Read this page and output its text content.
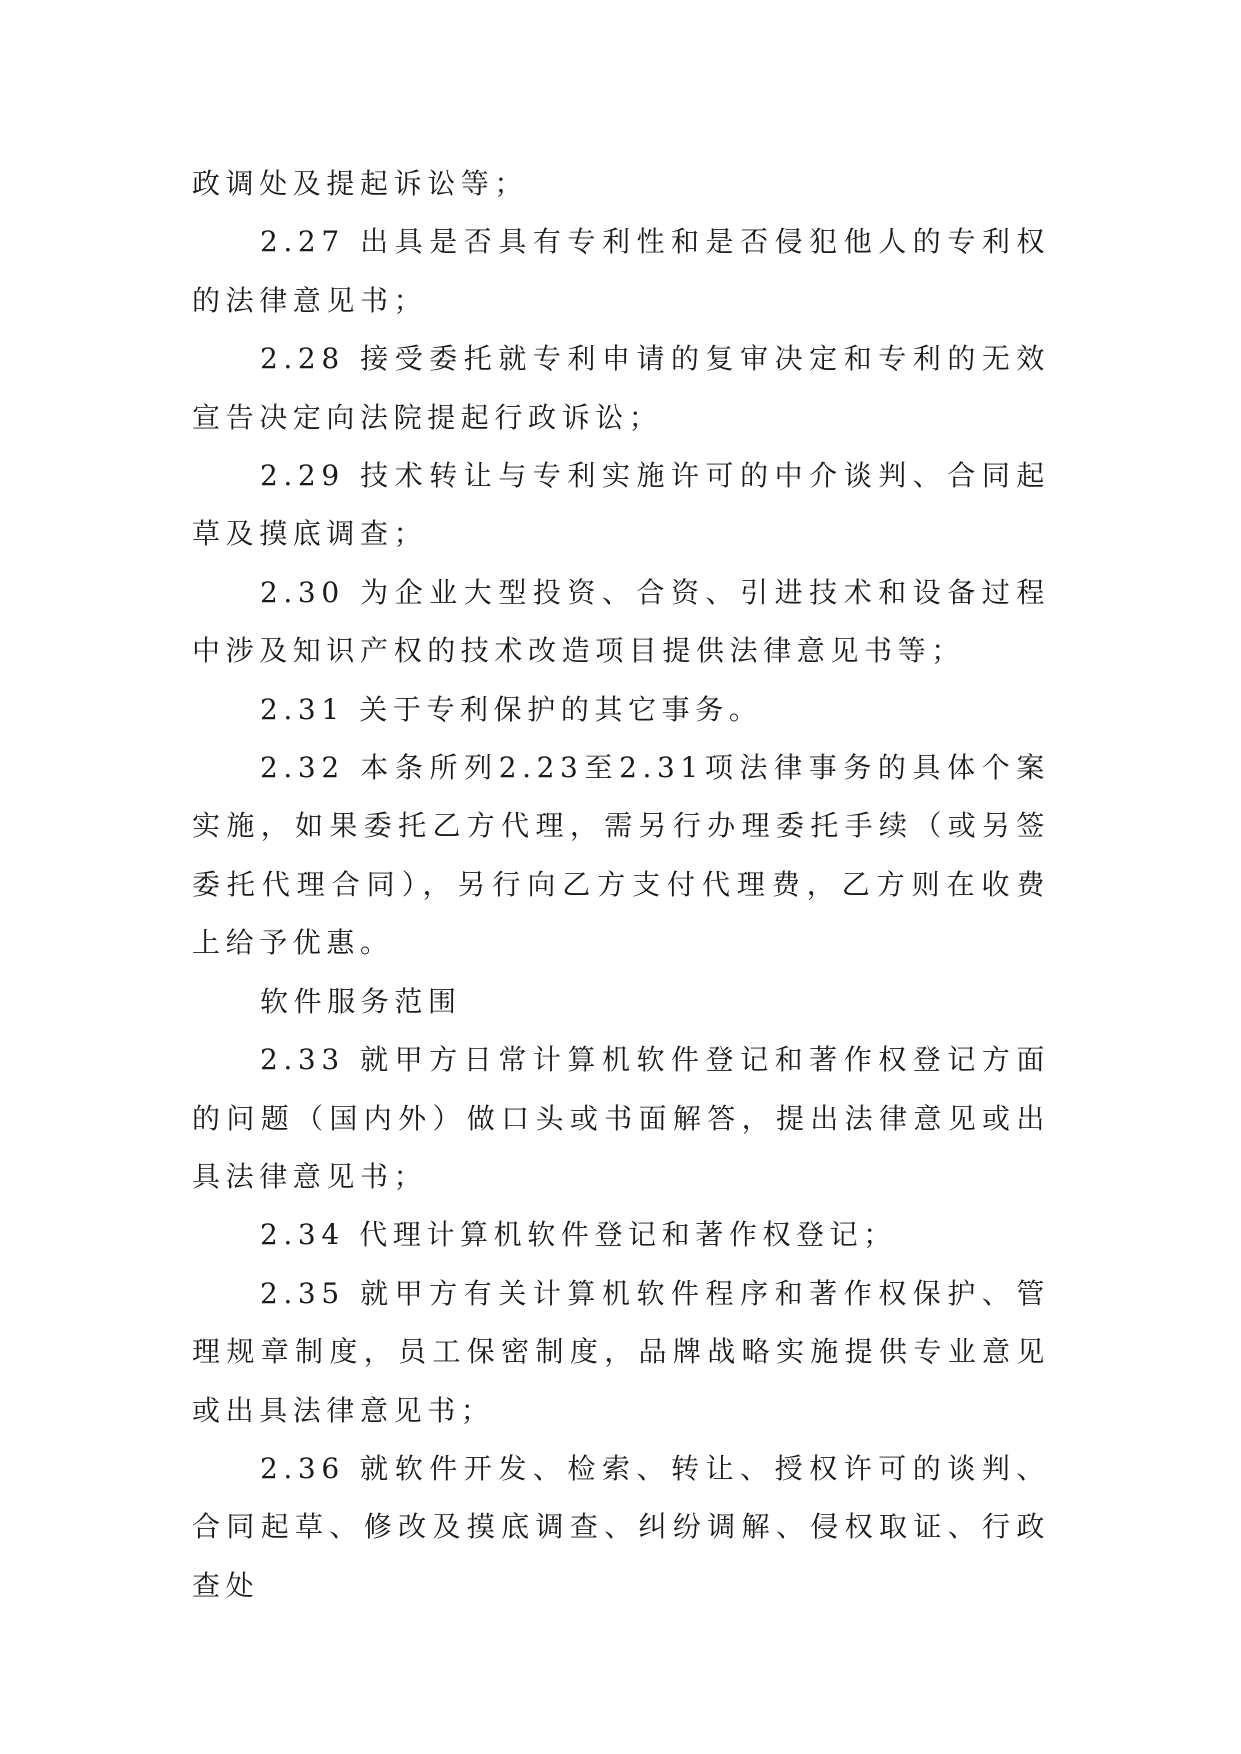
政调处及提起诉讼等；

2.27 出具是否具有专利性和是否侵犯他人的专利权的法律意见书；

2.28 接受委托就专利申请的复审决定和专利的无效宣告决定向法院提起行政诉讼；

2.29 技术转让与专利实施许可的中介谈判、合同起草及摸底调查；

2.30 为企业大型投资、合资、引进技术和设备过程中涉及知识产权的技术改造项目提供法律意见书等；

2.31 关于专利保护的其它事务。

2.32 本条所列2.23至2.31项法律事务的具体个案实施，如果委托乙方代理，需另行办理委托手续（或另签委托代理合同），另行向乙方支付代理费，乙方则在收费上给予优惠。

软件服务范围

2.33 就甲方日常计算机软件登记和著作权登记方面的问题（国内外）做口头或书面解答，提出法律意见或出具法律意见书；

2.34 代理计算机软件登记和著作权登记；

2.35 就甲方有关计算机软件程序和著作权保护、管理规章制度，员工保密制度，品牌战略实施提供专业意见或出具法律意见书；

2.36 就软件开发、检索、转让、授权许可的谈判、合同起草、修改及摸底调查、纠纷调解、侵权取证、行政查处
